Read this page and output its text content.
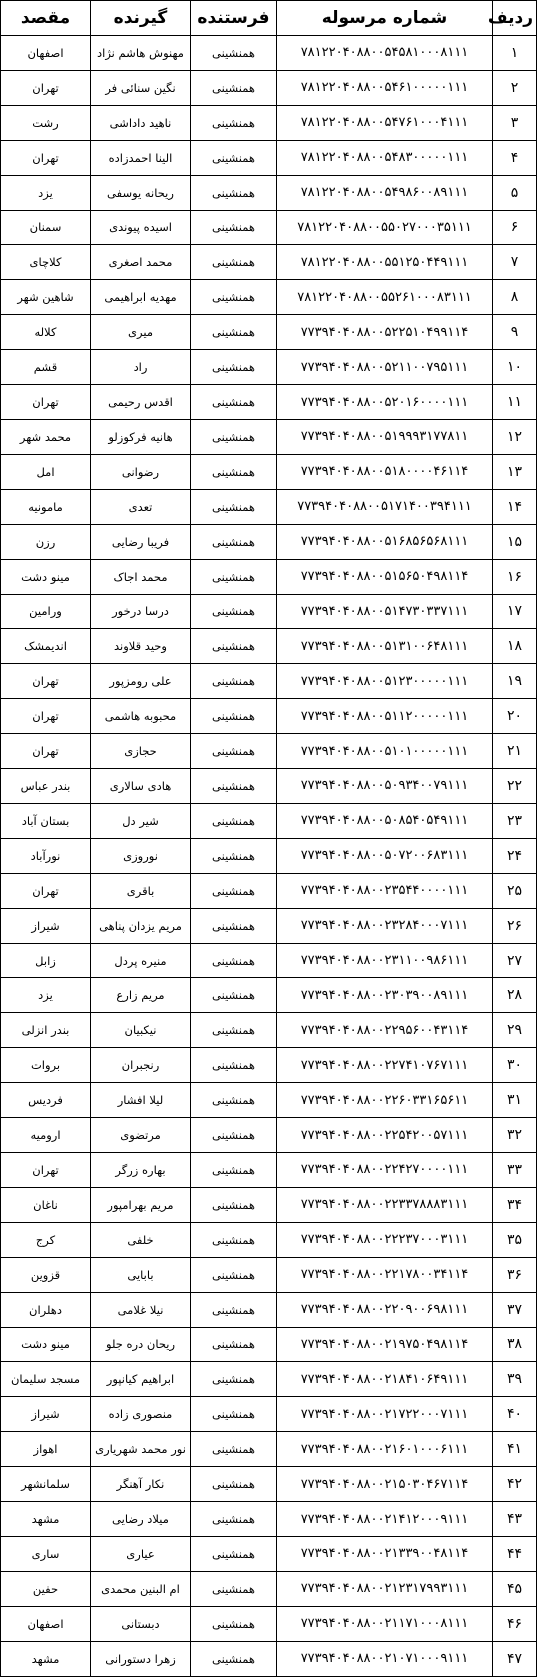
ردیف	شماره مرسوله	فرستنده	گیرنده	مقصد
۱	۷۸۱۲۲۰۴۰۸۸۰۰۵۴۵۸۱۰۰۰۸۱۱۱	همنشینی	مهنوش هاشم نژاد	اصفهان
۲	۷۸۱۲۲۰۴۰۸۸۰۰۵۴۶۱۰۰۰۰۰۱۱۱	همنشینی	نگین سنائی فر	تهران
۳	۷۸۱۲۲۰۴۰۸۸۰۰۵۴۷۶۱۰۰۰۴۱۱۱	همنشینی	ناهید داداشی	رشت
۴	۷۸۱۲۲۰۴۰۸۸۰۰۵۴۸۳۰۰۰۰۰۱۱۱	همنشینی	الینا احمدزاده	تهران
۵	۷۸۱۲۲۰۴۰۸۸۰۰۵۴۹۸۶۰۰۸۹۱۱۱	همنشینی	ریحانه یوسفی	یزد
۶	۷۸۱۲۲۰۴۰۸۸۰۰۵۵۰۲۷۰۰۰۳۵۱۱۱	همنشینی	اسیده پیوندی	سمنان
۷	۷۸۱۲۲۰۴۰۸۸۰۰۵۵۱۲۵۰۴۴۹۱۱۱	همنشینی	محمد اصغری	کلاچای
۸	۷۸۱۲۲۰۴۰۸۸۰۰۵۵۲۶۱۰۰۰۸۳۱۱۱	همنشینی	مهدیه ابراهیمی	شاهین شهر
۹	۷۷۳۹۴۰۴۰۸۸۰۰۵۲۲۵۱۰۴۹۹۱۱۴	همنشینی	میری	کلاله
۱۰	۷۷۳۹۴۰۴۰۸۸۰۰۵۲۱۱۰۰۷۹۵۱۱۱	همنشینی	راد	قشم
۱۱	۷۷۳۹۴۰۴۰۸۸۰۰۵۲۰۱۶۰۰۰۰۱۱۱	همنشینی	اقدس رحیمی	تهران
۱۲	۷۷۳۹۴۰۴۰۸۸۰۰۵۱۹۹۹۳۱۷۷۸۱۱	همنشینی	هانیه فرکوزلو	محمد شهر
۱۳	۷۷۳۹۴۰۴۰۸۸۰۰۵۱۸۰۰۰۰۴۶۱۱۴	همنشینی	رضوانی	امل
۱۴	۷۷۳۹۴۰۴۰۸۸۰۰۵۱۷۱۴۰۰۳۹۴۱۱۱	همنشینی	تعدی	مامونیه
۱۵	۷۷۳۹۴۰۴۰۸۸۰۰۵۱۶۸۵۶۵۶۸۱۱۱	همنشینی	فریبا رضایی	رزن
۱۶	۷۷۳۹۴۰۴۰۸۸۰۰۵۱۵۶۵۰۴۹۸۱۱۴	همنشینی	محمد اجاک	مینو دشت
۱۷	۷۷۳۹۴۰۴۰۸۸۰۰۵۱۴۷۳۰۳۳۷۱۱۱	همنشینی	درسا درخور	ورامین
۱۸	۷۷۳۹۴۰۴۰۸۸۰۰۵۱۳۱۰۰۶۴۸۱۱۱	همنشینی	وحید قلاوند	اندیمشک
۱۹	۷۷۳۹۴۰۴۰۸۸۰۰۵۱۲۳۰۰۰۰۰۱۱۱	همنشینی	علی رومزپور	تهران
۲۰	۷۷۳۹۴۰۴۰۸۸۰۰۵۱۱۲۰۰۰۰۰۱۱۱	همنشینی	محبوبه هاشمی	تهران
۲۱	۷۷۳۹۴۰۴۰۸۸۰۰۵۱۰۱۰۰۰۰۰۱۱۱	همنشینی	حجازی	تهران
۲۲	۷۷۳۹۴۰۴۰۸۸۰۰۵۰۹۳۴۰۰۷۹۱۱۱	همنشینی	هادی سالاری	بندر عباس
۲۳	۷۷۳۹۴۰۴۰۸۸۰۰۵۰۸۵۴۰۵۴۹۱۱۱	همنشینی	شیر دل	بستان آباد
۲۴	۷۷۳۹۴۰۴۰۸۸۰۰۵۰۷۲۰۰۶۸۳۱۱۱	همنشینی	نوروزی	نورآباد
۲۵	۷۷۳۹۴۰۴۰۸۸۰۰۲۳۵۴۴۰۰۰۰۱۱۱	همنشینی	باقری	تهران
۲۶	۷۷۳۹۴۰۴۰۸۸۰۰۲۳۲۸۴۰۰۰۷۱۱۱	همنشینی	مریم یزدان پناهی	شیراز
۲۷	۷۷۳۹۴۰۴۰۸۸۰۰۲۳۱۱۰۰۹۸۶۱۱۱	همنشینی	منیره پردل	زابل
۲۸	۷۷۳۹۴۰۴۰۸۸۰۰۲۳۰۳۹۰۰۸۹۱۱۱	همنشینی	مریم زارع	یزد
۲۹	۷۷۳۹۴۰۴۰۸۸۰۰۲۲۹۵۶۰۰۴۳۱۱۴	همنشینی	نیکبیان	بندر انزلی
۳۰	۷۷۳۹۴۰۴۰۸۸۰۰۲۲۷۴۱۰۷۶۷۱۱۱	همنشینی	رنجبران	بروات
۳۱	۷۷۳۹۴۰۴۰۸۸۰۰۲۲۶۰۳۳۱۶۵۶۱۱	همنشینی	لیلا افشار	فردیس
۳۲	۷۷۳۹۴۰۴۰۸۸۰۰۲۲۵۴۲۰۰۵۷۱۱۱	همنشینی	مرتضوی	ارومیه
۳۳	۷۷۳۹۴۰۴۰۸۸۰۰۲۲۴۲۷۰۰۰۰۱۱۱	همنشینی	بهاره زرگر	تهران
۳۴	۷۷۳۹۴۰۴۰۸۸۰۰۲۲۳۳۷۸۸۸۳۱۱۱	همنشینی	مریم بهرامپور	ناغان
۳۵	۷۷۳۹۴۰۴۰۸۸۰۰۲۲۲۳۷۰۰۰۳۱۱۱	همنشینی	خلفی	کرج
۳۶	۷۷۳۹۴۰۴۰۸۸۰۰۲۲۱۷۸۰۰۳۴۱۱۴	همنشینی	بابایی	قزوین
۳۷	۷۷۳۹۴۰۴۰۸۸۰۰۲۲۰۹۰۰۶۹۸۱۱۱	همنشینی	نیلا غلامی	دهلران
۳۸	۷۷۳۹۴۰۴۰۸۸۰۰۲۱۹۷۵۰۴۹۸۱۱۴	همنشینی	ریحان دره جلو	مینو دشت
۳۹	۷۷۳۹۴۰۴۰۸۸۰۰۲۱۸۴۱۰۶۴۹۱۱۱	همنشینی	ابراهیم کیانپور	مسجد سلیمان
۴۰	۷۷۳۹۴۰۴۰۸۸۰۰۲۱۷۲۲۰۰۰۷۱۱۱	همنشینی	منصوری زاده	شیراز
۴۱	۷۷۳۹۴۰۴۰۸۸۰۰۲۱۶۰۱۰۰۰۶۱۱۱	همنشینی	نور محمد شهریاری	اهواز
۴۲	۷۷۳۹۴۰۴۰۸۸۰۰۲۱۵۰۳۰۴۶۷۱۱۴	همنشینی	نکار آهنگر	سلمانشهر
۴۳	۷۷۳۹۴۰۴۰۸۸۰۰۲۱۴۱۲۰۰۰۹۱۱۱	همنشینی	میلاد رضایی	مشهد
۴۴	۷۷۳۹۴۰۴۰۸۸۰۰۲۱۳۳۹۰۰۴۸۱۱۴	همنشینی	عیاری	ساری
۴۵	۷۷۳۹۴۰۴۰۸۸۰۰۲۱۲۳۱۷۹۹۳۱۱۱	همنشینی	ام البنین محمدی	حفین
۴۶	۷۷۳۹۴۰۴۰۸۸۰۰۲۱۱۷۱۰۰۰۸۱۱۱	همنشینی	دبستانی	اصفهان
۴۷	۷۷۳۹۴۰۴۰۸۸۰۰۲۱۰۷۱۰۰۰۹۱۱۱	همنشینی	زهرا دستورانی	مشهد
